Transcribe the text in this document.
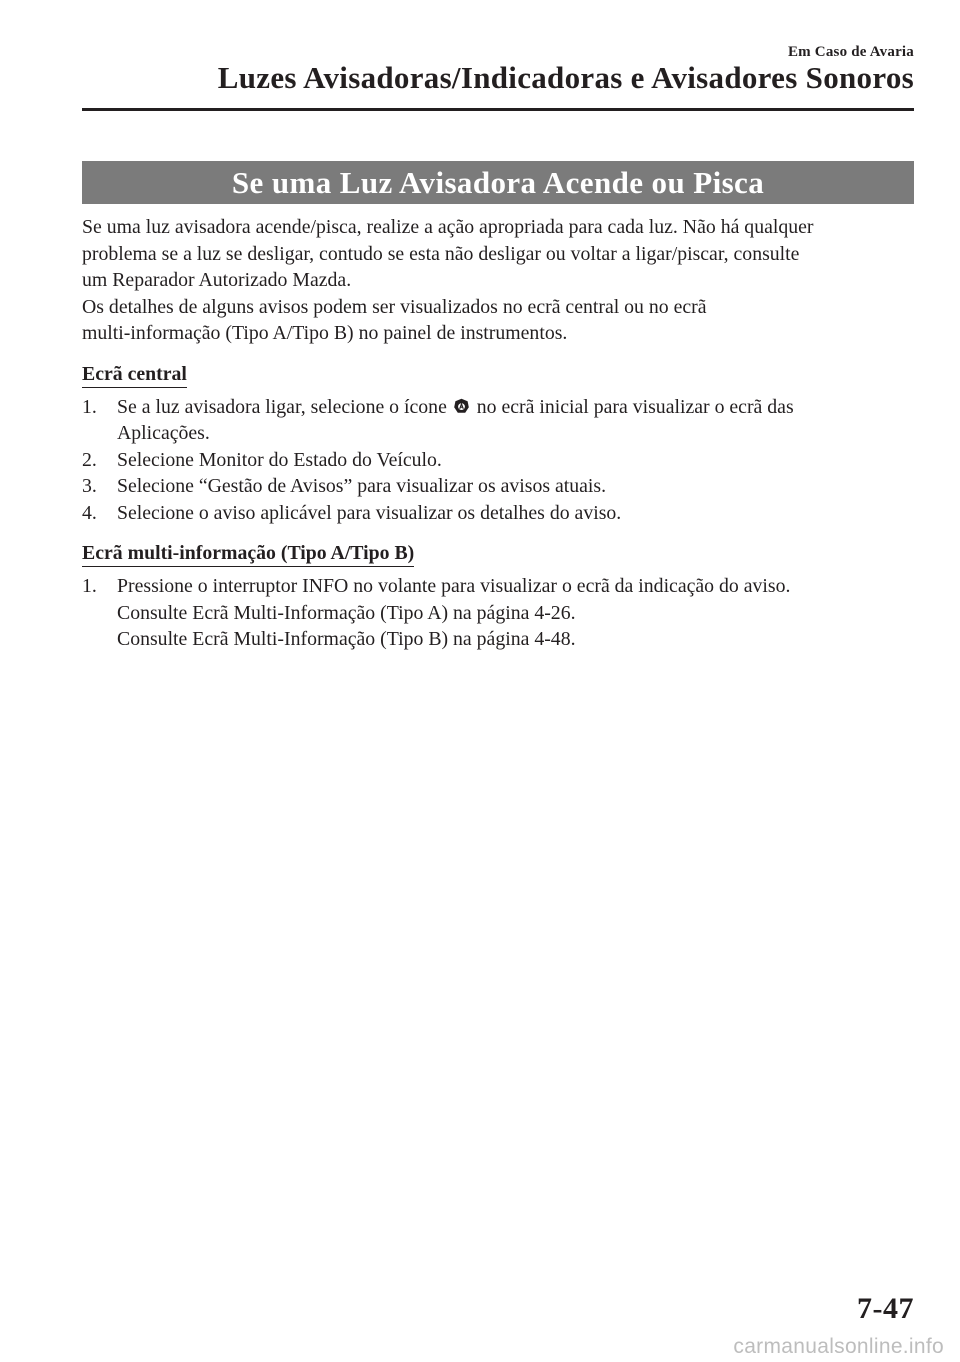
Em Caso de Avaria
Luzes Avisadoras/Indicadoras e Avisadores Sonoros
Se uma Luz Avisadora Acende ou Pisca

Se uma luz avisadora acende/pisca, realize a ação apropriada para cada luz. Não há qualquer

problema se a luz se desligar, contudo se esta não desligar ou voltar a ligar/piscar, consulte

um Reparador Autorizado Mazda.

Os detalhes de alguns avisos podem ser visualizados no ecrã central ou no ecrã

multi-informação (Tipo A/Tipo B) no painel de instrumentos.

Ecrã central
1. Se a luz avisadora ligar, selecione o ícone  no ecrã inicial para visualizar o ecrã das
Aplicações.
2. Selecione Monitor do Estado do Veículo.
3. Selecione “Gestão de Avisos” para visualizar os avisos atuais.
4. Selecione o aviso aplicável para visualizar os detalhes do aviso.
Ecrã multi-informação (Tipo A/Tipo B)
1. Pressione o interruptor INFO no volante para visualizar o ecrã da indicação do aviso.
Consulte Ecrã Multi-Informação (Tipo A) na página 4-26.
Consulte Ecrã Multi-Informação (Tipo B) na página 4-48.
7-47
carmanualsonline.info
